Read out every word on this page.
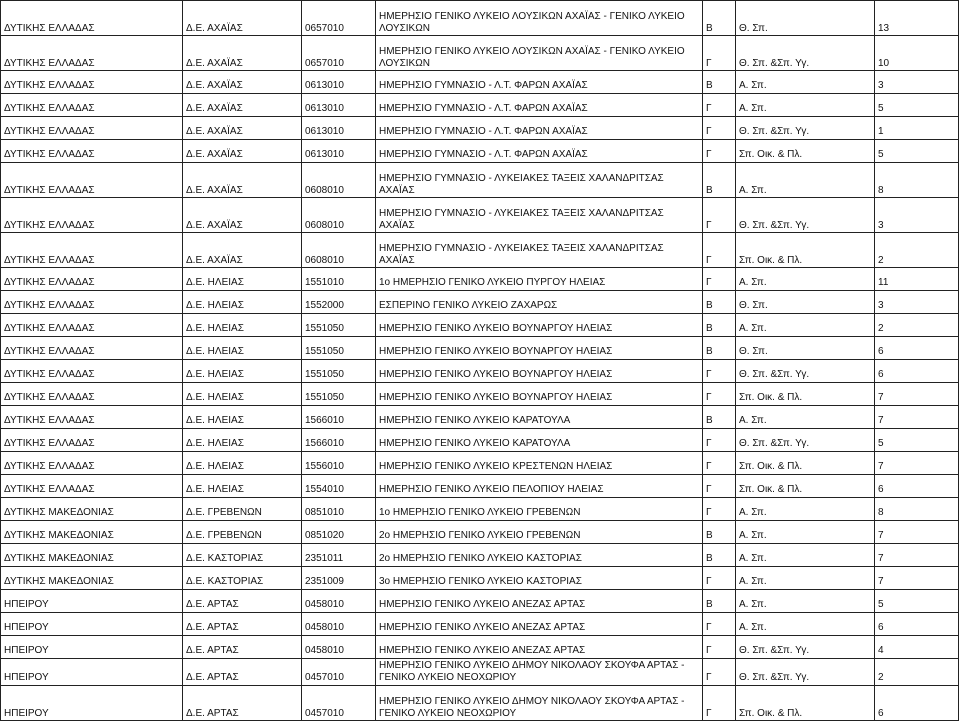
ΔΥΤΙΚΗΣ ΕΛΛΑΔΑΣ	Δ.Ε. ΑΧΑΪΑΣ	0657010	ΗΜΕΡΗΣΙΟ ΓΕΝΙΚΟ ΛΥΚΕΙΟ ΛΟΥΣΙΚΩΝ ΑΧΑΪΑΣ - ΓΕΝΙΚΟ ΛΥΚΕΙΟ ΛΟΥΣΙΚΩΝ	Β	Θ. Σπ.	13
ΔΥΤΙΚΗΣ ΕΛΛΑΔΑΣ	Δ.Ε. ΑΧΑΪΑΣ	0657010	ΗΜΕΡΗΣΙΟ ΓΕΝΙΚΟ ΛΥΚΕΙΟ ΛΟΥΣΙΚΩΝ ΑΧΑΪΑΣ - ΓΕΝΙΚΟ ΛΥΚΕΙΟ ΛΟΥΣΙΚΩΝ	Γ	Θ. Σπ. &Σπ. Υγ.	10
ΔΥΤΙΚΗΣ ΕΛΛΑΔΑΣ	Δ.Ε. ΑΧΑΪΑΣ	0613010	ΗΜΕΡΗΣΙΟ ΓΥΜΝΑΣΙΟ - Λ.Τ. ΦΑΡΩΝ ΑΧΑΪΑΣ	Β	Α. Σπ.	3
ΔΥΤΙΚΗΣ ΕΛΛΑΔΑΣ	Δ.Ε. ΑΧΑΪΑΣ	0613010	ΗΜΕΡΗΣΙΟ ΓΥΜΝΑΣΙΟ - Λ.Τ. ΦΑΡΩΝ ΑΧΑΪΑΣ	Γ	Α. Σπ.	5
ΔΥΤΙΚΗΣ ΕΛΛΑΔΑΣ	Δ.Ε. ΑΧΑΪΑΣ	0613010	ΗΜΕΡΗΣΙΟ ΓΥΜΝΑΣΙΟ - Λ.Τ. ΦΑΡΩΝ ΑΧΑΪΑΣ	Γ	Θ. Σπ. &Σπ. Υγ.	1
ΔΥΤΙΚΗΣ ΕΛΛΑΔΑΣ	Δ.Ε. ΑΧΑΪΑΣ	0613010	ΗΜΕΡΗΣΙΟ ΓΥΜΝΑΣΙΟ - Λ.Τ. ΦΑΡΩΝ ΑΧΑΪΑΣ	Γ	Σπ. Οικ. & Πλ.	5
ΔΥΤΙΚΗΣ ΕΛΛΑΔΑΣ	Δ.Ε. ΑΧΑΪΑΣ	0608010	ΗΜΕΡΗΣΙΟ ΓΥΜΝΑΣΙΟ - ΛΥΚΕΙΑΚΕΣ ΤΑΞΕΙΣ ΧΑΛΑΝΔΡΙΤΣΑΣ ΑΧΑΪΑΣ	Β	Α. Σπ.	8
ΔΥΤΙΚΗΣ ΕΛΛΑΔΑΣ	Δ.Ε. ΑΧΑΪΑΣ	0608010	ΗΜΕΡΗΣΙΟ ΓΥΜΝΑΣΙΟ - ΛΥΚΕΙΑΚΕΣ ΤΑΞΕΙΣ ΧΑΛΑΝΔΡΙΤΣΑΣ ΑΧΑΪΑΣ	Γ	Θ. Σπ. &Σπ. Υγ.	3
ΔΥΤΙΚΗΣ ΕΛΛΑΔΑΣ	Δ.Ε. ΑΧΑΪΑΣ	0608010	ΗΜΕΡΗΣΙΟ ΓΥΜΝΑΣΙΟ - ΛΥΚΕΙΑΚΕΣ ΤΑΞΕΙΣ ΧΑΛΑΝΔΡΙΤΣΑΣ ΑΧΑΪΑΣ	Γ	Σπ. Οικ. & Πλ.	2
ΔΥΤΙΚΗΣ ΕΛΛΑΔΑΣ	Δ.Ε. ΗΛΕΙΑΣ	1551010	1ο ΗΜΕΡΗΣΙΟ ΓΕΝΙΚΟ ΛΥΚΕΙΟ ΠΥΡΓΟΥ ΗΛΕΙΑΣ	Γ	Α. Σπ.	11
ΔΥΤΙΚΗΣ ΕΛΛΑΔΑΣ	Δ.Ε. ΗΛΕΙΑΣ	1552000	ΕΣΠΕΡΙΝΟ ΓΕΝΙΚΟ ΛΥΚΕΙΟ ΖΑΧΑΡΩΣ	Β	Θ. Σπ.	3
ΔΥΤΙΚΗΣ ΕΛΛΑΔΑΣ	Δ.Ε. ΗΛΕΙΑΣ	1551050	ΗΜΕΡΗΣΙΟ ΓΕΝΙΚΟ ΛΥΚΕΙΟ ΒΟΥΝΑΡΓΟΥ ΗΛΕΙΑΣ	Β	Α. Σπ.	2
ΔΥΤΙΚΗΣ ΕΛΛΑΔΑΣ	Δ.Ε. ΗΛΕΙΑΣ	1551050	ΗΜΕΡΗΣΙΟ ΓΕΝΙΚΟ ΛΥΚΕΙΟ ΒΟΥΝΑΡΓΟΥ ΗΛΕΙΑΣ	Β	Θ. Σπ.	6
ΔΥΤΙΚΗΣ ΕΛΛΑΔΑΣ	Δ.Ε. ΗΛΕΙΑΣ	1551050	ΗΜΕΡΗΣΙΟ ΓΕΝΙΚΟ ΛΥΚΕΙΟ ΒΟΥΝΑΡΓΟΥ ΗΛΕΙΑΣ	Γ	Θ. Σπ. &Σπ. Υγ.	6
ΔΥΤΙΚΗΣ ΕΛΛΑΔΑΣ	Δ.Ε. ΗΛΕΙΑΣ	1551050	ΗΜΕΡΗΣΙΟ ΓΕΝΙΚΟ ΛΥΚΕΙΟ ΒΟΥΝΑΡΓΟΥ ΗΛΕΙΑΣ	Γ	Σπ. Οικ. & Πλ.	7
ΔΥΤΙΚΗΣ ΕΛΛΑΔΑΣ	Δ.Ε. ΗΛΕΙΑΣ	1566010	ΗΜΕΡΗΣΙΟ ΓΕΝΙΚΟ ΛΥΚΕΙΟ ΚΑΡΑΤΟΥΛΑ	Β	Α. Σπ.	7
ΔΥΤΙΚΗΣ ΕΛΛΑΔΑΣ	Δ.Ε. ΗΛΕΙΑΣ	1566010	ΗΜΕΡΗΣΙΟ ΓΕΝΙΚΟ ΛΥΚΕΙΟ ΚΑΡΑΤΟΥΛΑ	Γ	Θ. Σπ. &Σπ. Υγ.	5
ΔΥΤΙΚΗΣ ΕΛΛΑΔΑΣ	Δ.Ε. ΗΛΕΙΑΣ	1556010	ΗΜΕΡΗΣΙΟ ΓΕΝΙΚΟ ΛΥΚΕΙΟ ΚΡΕΣΤΕΝΩΝ ΗΛΕΙΑΣ	Γ	Σπ. Οικ. & Πλ.	7
ΔΥΤΙΚΗΣ ΕΛΛΑΔΑΣ	Δ.Ε. ΗΛΕΙΑΣ	1554010	ΗΜΕΡΗΣΙΟ ΓΕΝΙΚΟ ΛΥΚΕΙΟ ΠΕΛΟΠΙΟΥ ΗΛΕΙΑΣ	Γ	Σπ. Οικ. & Πλ.	6
ΔΥΤΙΚΗΣ ΜΑΚΕΔΟΝΙΑΣ	Δ.Ε. ΓΡΕΒΕΝΩΝ	0851010	1ο ΗΜΕΡΗΣΙΟ ΓΕΝΙΚΟ ΛΥΚΕΙΟ ΓΡΕΒΕΝΩΝ	Γ	Α. Σπ.	8
ΔΥΤΙΚΗΣ ΜΑΚΕΔΟΝΙΑΣ	Δ.Ε. ΓΡΕΒΕΝΩΝ	0851020	2ο ΗΜΕΡΗΣΙΟ ΓΕΝΙΚΟ ΛΥΚΕΙΟ ΓΡΕΒΕΝΩΝ	Β	Α. Σπ.	7
ΔΥΤΙΚΗΣ ΜΑΚΕΔΟΝΙΑΣ	Δ.Ε. ΚΑΣΤΟΡΙΑΣ	2351011	2ο ΗΜΕΡΗΣΙΟ ΓΕΝΙΚΟ ΛΥΚΕΙΟ ΚΑΣΤΟΡΙΑΣ	Β	Α. Σπ.	7
ΔΥΤΙΚΗΣ ΜΑΚΕΔΟΝΙΑΣ	Δ.Ε. ΚΑΣΤΟΡΙΑΣ	2351009	3ο ΗΜΕΡΗΣΙΟ ΓΕΝΙΚΟ ΛΥΚΕΙΟ ΚΑΣΤΟΡΙΑΣ	Γ	Α. Σπ.	7
ΗΠΕΙΡΟΥ	Δ.Ε. ΑΡΤΑΣ	0458010	ΗΜΕΡΗΣΙΟ ΓΕΝΙΚΟ ΛΥΚΕΙΟ ΑΝΕΖΑΣ ΑΡΤΑΣ	Β	Α. Σπ.	5
ΗΠΕΙΡΟΥ	Δ.Ε. ΑΡΤΑΣ	0458010	ΗΜΕΡΗΣΙΟ ΓΕΝΙΚΟ ΛΥΚΕΙΟ ΑΝΕΖΑΣ ΑΡΤΑΣ	Γ	Α. Σπ.	6
ΗΠΕΙΡΟΥ	Δ.Ε. ΑΡΤΑΣ	0458010	ΗΜΕΡΗΣΙΟ ΓΕΝΙΚΟ ΛΥΚΕΙΟ ΑΝΕΖΑΣ ΑΡΤΑΣ	Γ	Θ. Σπ. &Σπ. Υγ.	4
ΗΠΕΙΡΟΥ	Δ.Ε. ΑΡΤΑΣ	0457010	ΗΜΕΡΗΣΙΟ ΓΕΝΙΚΟ ΛΥΚΕΙΟ ΔΗΜΟΥ ΝΙΚΟΛΑΟΥ ΣΚΟΥΦΑ ΑΡΤΑΣ - ΓΕΝΙΚΟ ΛΥΚΕΙΟ ΝΕΟΧΩΡΙΟΥ	Γ	Θ. Σπ. &Σπ. Υγ.	2
ΗΠΕΙΡΟΥ	Δ.Ε. ΑΡΤΑΣ	0457010	ΗΜΕΡΗΣΙΟ ΓΕΝΙΚΟ ΛΥΚΕΙΟ ΔΗΜΟΥ ΝΙΚΟΛΑΟΥ ΣΚΟΥΦΑ ΑΡΤΑΣ - ΓΕΝΙΚΟ ΛΥΚΕΙΟ ΝΕΟΧΩΡΙΟΥ	Γ	Σπ. Οικ. & Πλ.	6
